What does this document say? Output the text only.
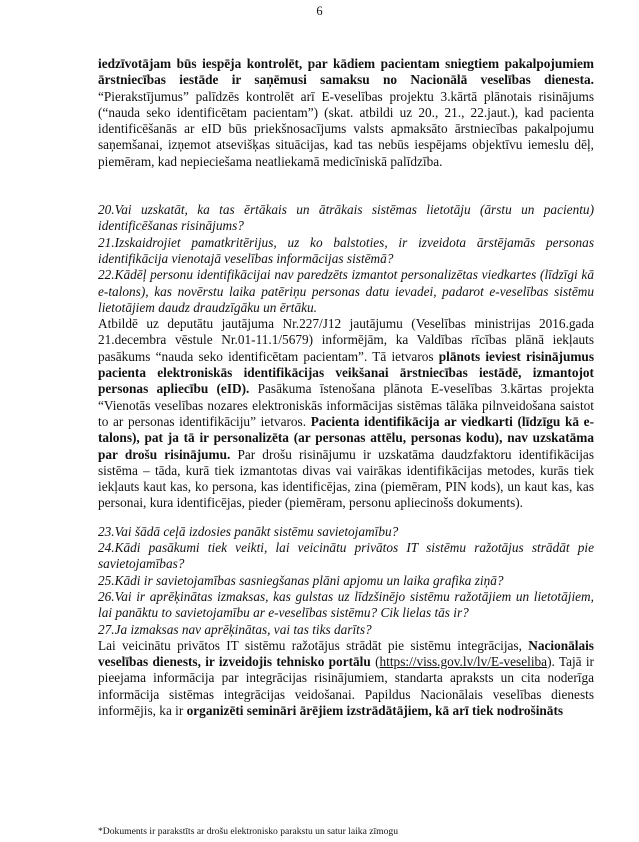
6

iedzīvotājam būs iespēja kontrolēt, par kādiem pacientam sniegtiem pakalpojumiem ārstniecības iestāde ir saņēmusi samaksu no Nacionālā veselības dienesta. “Pierakstījumus” palīdzēs kontrolēt arī E-veselības projektu 3.kārtā plānotais risinājums (“nauda seko identificētam pacientam”) (skat. atbildi uz 20., 21., 22.jaut.), kad pacienta identificēšanās ar eID būs priekšnosacījums valsts apmaksāto ārstniecības pakalpojumu saņemšanai, izņemot atsevišķas situācijas, kad tas nebūs iespējams objektīvu iemeslu dēļ, piemēram, kad nepieciešama neatliekamā medicīniskā palīdzība.

20.Vai uzskatāt, ka tas ērtākais un ātrākais sistēmas lietotāju (ārstu un pacientu) identificēšanas risinājums?

21.Izskaidrojiet pamatkritērijus, uz ko balstoties, ir izveidota ārstējamās personas identifikācija vienotajā veselības informācijas sistēmā?

22.Kādēļ personu identifikācijai nav paredzēts izmantot personalizētas viedkartes (līdzīgi kā e-talons), kas novērstu laika patēriņu personas datu ievadei, padarot e-veselības sistēmu lietotājiem daudz draudzīgāku un ērtāku.

Atbildē uz deputātu jautājuma Nr.227/J12 jautājumu (Veselības ministrijas 2016.gada 21.decembra vēstule Nr.01-11.1/5679) informējām, ka Valdības rīcības plānā iekļauts pasākums “nauda seko identificētam pacientam”. Tā ietvaros plānots ieviest risinājumus pacienta elektroniskās identifikācijas veikšanai ārstniecības iestādē, izmantojot personas apliecību (eID). Pasākuma īstenošana plānota E-veselības 3.kārtas projekta “Vienotās veselības nozares elektroniskās informācijas sistēmas tālāka pilnveidošana saistot to ar personas identifikāciju” ietvaros. Pacienta identifikācija ar viedkarti (līdzīgu kā e-talons), pat ja tā ir personalizēta (ar personas attēlu, personas kodu), nav uzskatāma par drošu risinājumu. Par drošu risinājumu ir uzskatāma daudzfaktoru identifikācijas sistēma – tāda, kurā tiek izmantotas divas vai vairākas identifikācijas metodes, kurās tiek iekļauts kaut kas, ko persona, kas identificējas, zina (piemēram, PIN kods), un kaut kas, kas personai, kura identificējas, pieder (piemēram, personu apliecinošs dokuments).

23.Vai šādā ceļā izdosies panākt sistēmu savietojamību?

24.Kādi pasākumi tiek veikti, lai veicinātu privātos IT sistēmu ražotājus strādāt pie savietojamības?

25.Kādi ir savietojamības sasniegšanas plāni apjomu un laika grafika ziņā?

26.Vai ir aprēķinātas izmaksas, kas gulstas uz līdzšinējo sistēmu ražotājiem un lietotājiem, lai panāktu to savietojamību ar e-veselības sistēmu? Cik lielas tās ir?

27.Ja izmaksas nav aprēķinātas, vai tas tiks darīts?

Lai veicinātu privātos IT sistēmu ražotājus strādāt pie sistēmu integrācijas, Nacionālais veselības dienests, ir izveidojis tehnisko portālu (https://viss.gov.lv/lv/E-veseliba). Tajā ir pieejama informācija par integrācijas risinājumiem, standarta apraksts un cita noderīga informācija sistēmas integrācijas veidošanai. Papildus Nacionālais veselības dienests informējis, ka ir organizēti semināri ārējiem izstrādātājiem, kā arī tiek nodrošināts

*Dokuments ir parakstīts ar drošu elektronisko parakstu un satur laika zīmogu
